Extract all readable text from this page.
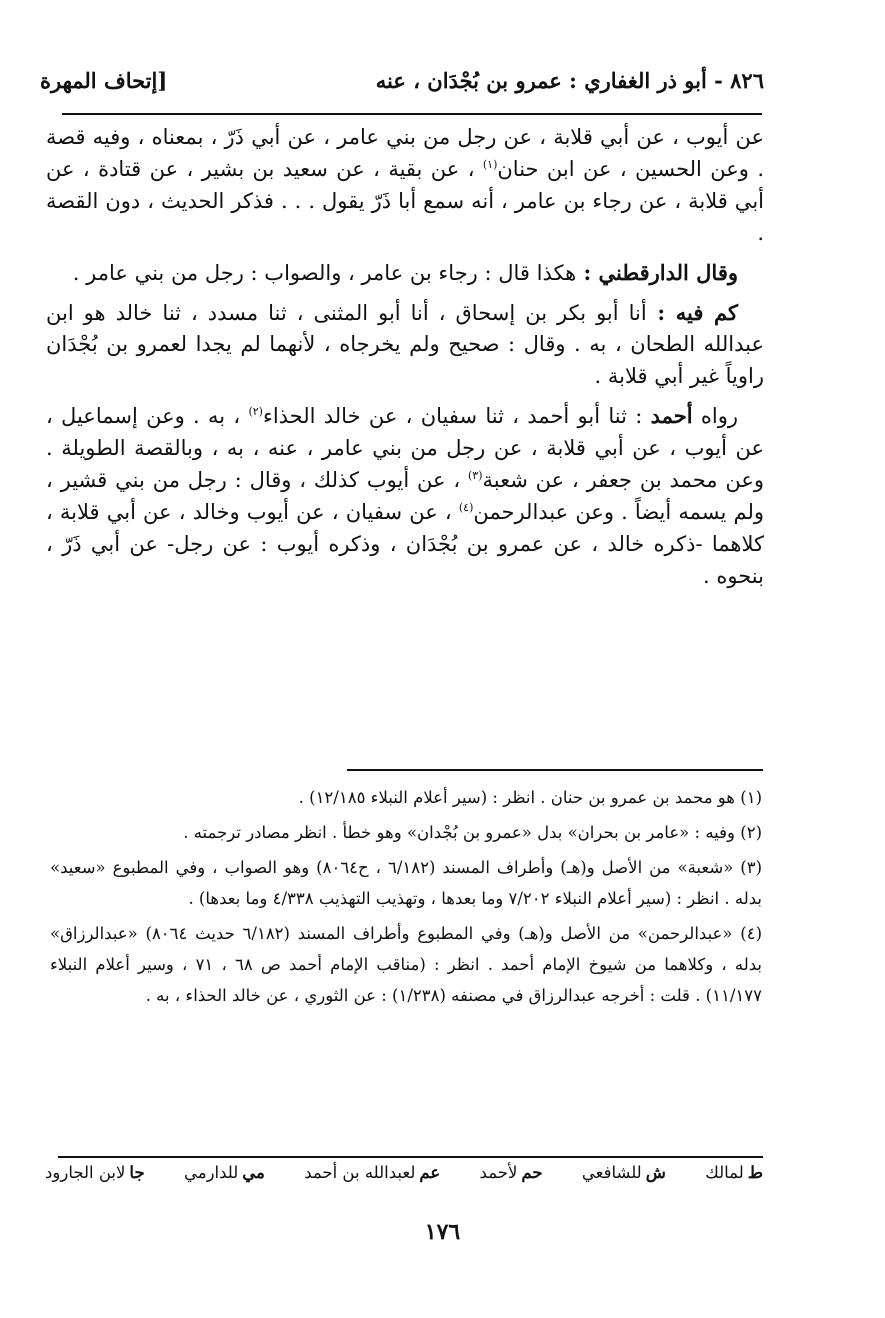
٨٢٦ - أبو ذر الغفاري : عمرو بن بُجْدَان ، عنه
[إتحاف المهرة

عن أيوب ، عن أبي قلابة ، عن رجل من بني عامر ، عن أبي ذَرّ ، بمعناه ، وفيه قصة . وعن الحسين ، عن ابن حنان$^{(١)}$ ، عن بقية ، عن سعيد بن بشير ، عن قتادة ، عن أبي قلابة ، عن رجاء بن عامر ، أنه سمع أبا ذَرّ يقول . . . فذكر الحديث ، دون القصة .

وقال الدارقطني : هكذا قال : رجاء بن عامر ، والصواب : رجل من بني عامر .

كم فيه : أنا أبو بكر بن إسحاق ، أنا أبو المثنى ، ثنا مسدد ، ثنا خالد هو ابن عبدالله الطحان ، به . وقال : صحيح ولم يخرجاه ، لأنهما لم يجدا لعمرو بن بُجْدَان راوياً غير أبي قلابة .

رواه أحمد : ثنا أبو أحمد ، ثنا سفيان ، عن خالد الحذاء$^{(٢)}$ ، به . وعن إسماعيل ، عن أيوب ، عن أبي قلابة ، عن رجل من بني عامر ، عنه ، به ، وبالقصة الطويلة . وعن محمد بن جعفر ، عن شعبة$^{(٣)}$ ، عن أيوب كذلك ، وقال : رجل من بني قشير ، ولم يسمه أيضاً . وعن عبدالرحمن$^{(٤)}$ ، عن سفيان ، عن أيوب وخالد ، عن أبي قلابة ، كلاهما -ذكره خالد ، عن عمرو بن بُجْدَان ، وذكره أيوب : عن رجل- عن أبي ذَرّ ، بنحوه .

(١) هو محمد بن عمرو بن حنان . انظر : (سير أعلام النبلاء ١٢/١٨٥) .

(٢) وفيه : «عامر بن بحران» بدل «عمرو بن بُجْدان» وهو خطأ . انظر مصادر ترجمته .

(٣) «شعبة» من الأصل و(هـ) وأطراف المسند (٦/١٨٢ ، ح٨٠٦٤) وهو الصواب ، وفي المطبوع «سعيد» بدله . انظر : (سير أعلام النبلاء ٧/٢٠٢ وما بعدها ، وتهذيب التهذيب ٤/٣٣٨ وما بعدها) .

(٤) «عبدالرحمن» من الأصل و(هـ) وفي المطبوع وأطراف المسند (٦/١٨٢ حديث ٨٠٦٤) «عبدالرزاق» بدله ، وكلاهما من شيوخ الإمام أحمد . انظر : (مناقب الإمام أحمد ص ٦٨ ، ٧١ ، وسير أعلام النبلاء ١١/١٧٧) . قلت : أخرجه عبدالرزاق في مصنفه (١/٢٣٨) : عن الثوري ، عن خالد الحذاء ، به .

ط
لمالك
ش
للشافعي
حم
لأحمد
عم
لعبدالله بن أحمد
مي
للدارمي
جا
لابن الجارود
١٧٦
